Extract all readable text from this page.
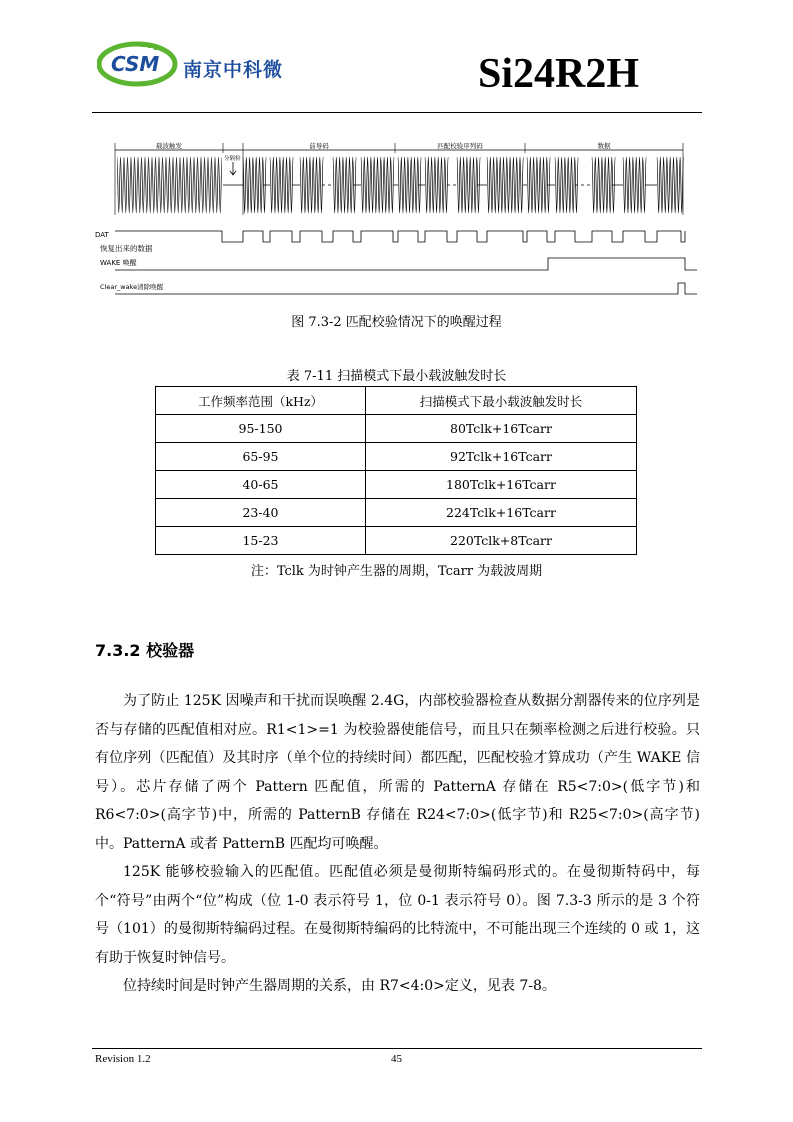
CSM 南京中科微	Si24R2H
载波触发	前导码	匹配校验序列码	数据
分隔检
DAT
恢复出来的数据
WAKE 唤醒
Clear_wake清除唤醒
图 7.3-2 匹配校验情况下的唤醒过程
表 7-11 扫描模式下最小载波触发时长
工作频率范围（kHz）	扫描模式下最小载波触发时长
95-150	80Tclk+16Tcarr
65-95	92Tclk+16Tcarr
40-65	180Tclk+16Tcarr
23-40	224Tclk+16Tcarr
15-23	220Tclk+8Tcarr
注：Tclk 为时钟产生器的周期，Tcarr 为载波周期
7.3.2 校验器

为了防止 125K 因噪声和干扰而误唤醒 2.4G，内部校验器检查从数据分割器传来的位序列是否与存储的匹配值相对应。R1<1>=1 为校验器使能信号，而且只在频率检测之后进行校验。只有位序列（匹配值）及其时序（单个位的持续时间）都匹配，匹配校验才算成功（产生 WAKE 信号）。芯片存储了两个 Pattern 匹配值，所需的 PatternA 存储在 R5<7:0>(低字节)和 R6<7:0>(高字节)中，所需的 PatternB 存储在 R24<7:0>(低字节)和 R25<7:0>(高字节)中。PatternA 或者 PatternB 匹配均可唤醒。

125K 能够校验输入的匹配值。匹配值必须是曼彻斯特编码形式的。在曼彻斯特码中，每个“符号”由两个“位”构成（位 1-0 表示符号 1，位 0-1 表示符号 0）。图 7.3-3 所示的是 3 个符号（101）的曼彻斯特编码过程。在曼彻斯特编码的比特流中，不可能出现三个连续的 0 或 1，这有助于恢复时钟信号。

位持续时间是时钟产生器周期的关系，由 R7<4:0>定义，见表 7-8。

Revision 1.2	45
